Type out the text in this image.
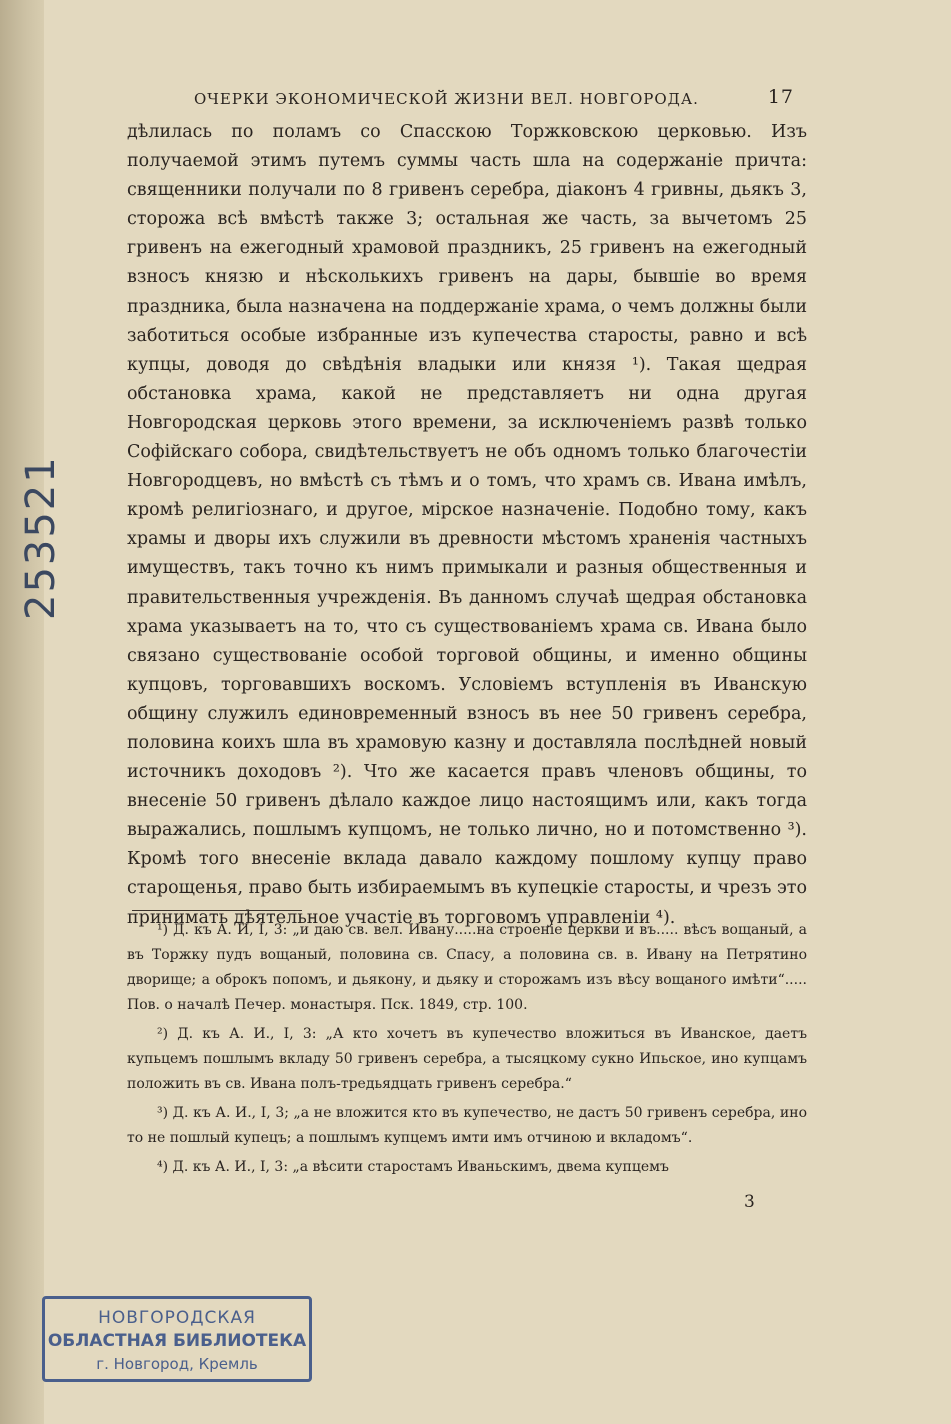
ОЧЕРКИ ЭКОНОМИЧЕСКОЙ ЖИЗНИ ВЕЛ. НОВГОРОДА.	17

дѣлилась по поламъ со Спасскою Торжковскою церковью. Изъ получаемой этимъ путемъ суммы часть шла на содержаніе причта: священники получали по 8 гривенъ серебра, діаконъ 4 гривны, дьякъ 3, сторожа всѣ вмѣстѣ также 3; остальная же часть, за вычетомъ 25 гривенъ на ежегодный храмовой праздникъ, 25 гривенъ на ежегодный взносъ князю и нѣсколькихъ гривенъ на дары, бывшіе во время праздника, была назначена на поддержаніе храма, о чемъ должны были заботиться особые избранные изъ купечества старосты, равно и всѣ купцы, доводя до свѣдѣнія владыки или князя ¹). Такая щедрая обстановка храма, какой не представляетъ ни одна другая Новгородская церковь этого времени, за исключеніемъ развѣ только Софійскаго собора, свидѣтельствуетъ не объ одномъ только благочестіи Новгородцевъ, но вмѣстѣ съ тѣмъ и о томъ, что храмъ св. Ивана имѣлъ, кромѣ религіознаго, и другое, мірское назначеніе. Подобно тому, какъ храмы и дворы ихъ служили въ древности мѣстомъ храненія частныхъ имуществъ, такъ точно къ нимъ примыкали и разныя общественныя и правительственныя учрежденія. Въ данномъ случаѣ щедрая обстановка храма указываетъ на то, что съ существованіемъ храма св. Ивана было связано существованіе особой торговой общины, и именно общины купцовъ, торговавшихъ воскомъ. Условіемъ вступленія въ Иванскую общину служилъ единовременный взносъ въ нее 50 гривенъ серебра, половина коихъ шла въ храмовую казну и доставляла послѣдней новый источникъ доходовъ ²). Что же касается правъ членовъ общины, то внесеніе 50 гривенъ дѣлало каждое лицо настоящимъ или, какъ тогда выражались, пошлымъ купцомъ, не только лично, но и потомственно ³). Кромѣ того внесеніе вклада давало каждому пошлому купцу право старощенья, право быть избираемымъ въ купецкіе старосты, и чрезъ это принимать дѣятельное участіе въ торговомъ управленіи ⁴).

¹) Д. къ А. И, I, 3: „и даю св. вел. Ивану.....на строеніе церкви и въ..... вѣсъ вощаный, а въ Торжку пудъ вощаный, половина св. Спасу, а половина св. в. Ивану на Петрятино дворище; а оброкъ попомъ, и дьякону, и дьяку и сторожамъ изъ вѣсу вощаного имѣти“..... Пов. о началѣ Печер. монастыря. Пск. 1849, стр. 100.

²) Д. къ А. И., I, 3: „А кто хочетъ въ купечество вложиться въ Иванское, даетъ купьцемъ пошлымъ вкладу 50 гривенъ серебра, а тысяцкому сукно Ипьское, ино купцамъ положить въ св. Ивана полъ-тредьядцать гривенъ серебра.“

³) Д. къ А. И., I, 3; „а не вложится кто въ купечество, не дастъ 50 гривенъ серебра, ино то не пошлый купецъ; а пошлымъ купцемъ имти имъ отчиною и вкладомъ“.

⁴) Д. къ А. И., I, 3: „а вѣсити старостамъ Иваньскимъ, двема купцемъ

3
253521
НОВГОРОДСКАЯ
ОБЛАСТНАЯ БИБЛИОТЕКА
г. Новгород, Кремль
